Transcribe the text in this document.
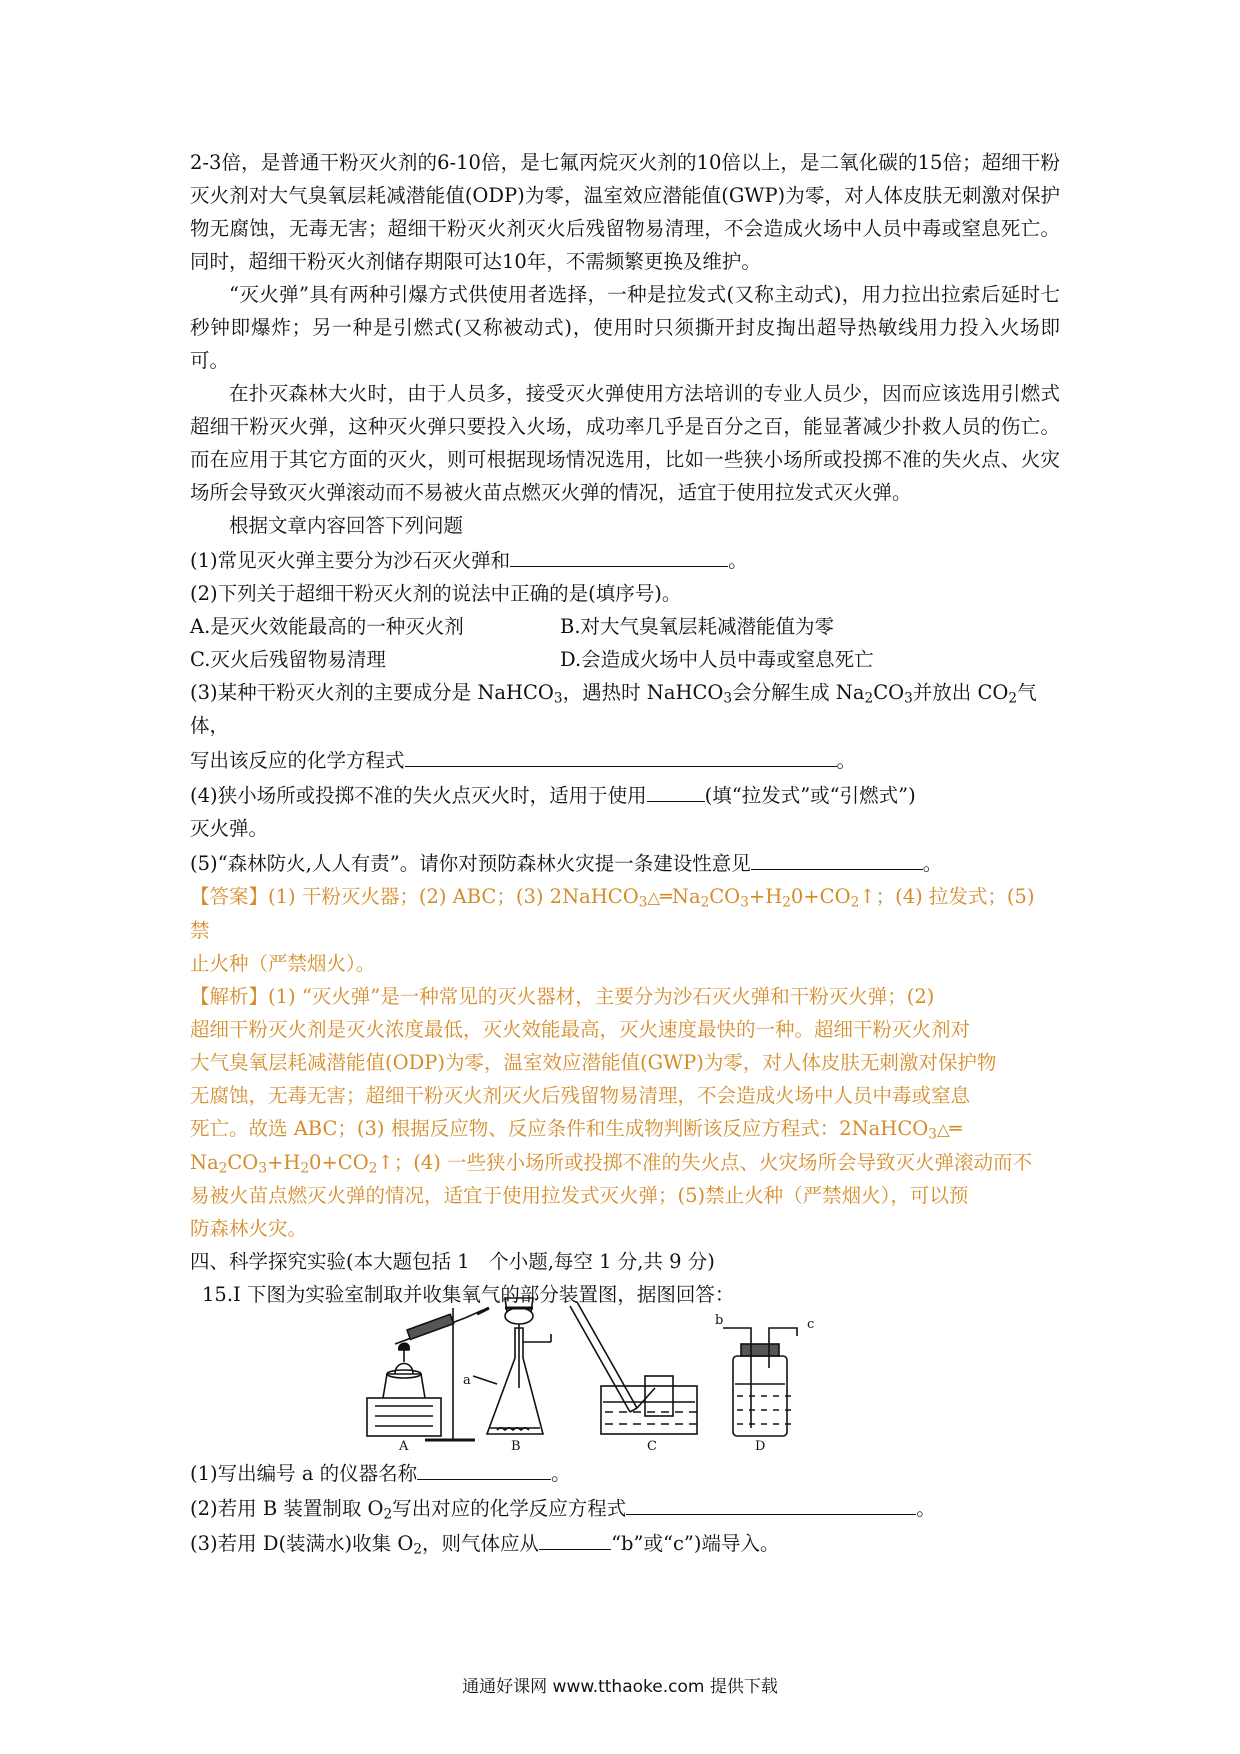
2-3倍，是普通干粉灭火剂的6-10倍，是七氟丙烷灭火剂的10倍以上，是二氧化碳的15倍；超细干粉灭火剂对大气臭氧层耗减潜能值(ODP)为零，温室效应潜能值(GWP)为零，对人体皮肤无刺激对保护物无腐蚀，无毒无害；超细干粉灭火剂灭火后残留物易清理，不会造成火场中人员中毒或窒息死亡。同时，超细干粉灭火剂储存期限可达10年，不需频繁更换及维护。

“灭火弹”具有两种引爆方式供使用者选择，一种是拉发式(又称主动式)，用力拉出拉索后延时七秒钟即爆炸；另一种是引燃式(又称被动式)，使用时只须撕开封皮掏出超导热敏线用力投入火场即可。

在扑灭森林大火时，由于人员多，接受灭火弹使用方法培训的专业人员少，因而应该选用引燃式超细干粉灭火弹，这种灭火弹只要投入火场，成功率几乎是百分之百，能显著减少扑救人员的伤亡。而在应用于其它方面的灭火，则可根据现场情况选用，比如一些狭小场所或投掷不准的失火点、火灾场所会导致灭火弹滚动而不易被火苗点燃灭火弹的情况，适宜于使用拉发式灭火弹。

根据文章内容回答下列问题

(1)常见灭火弹主要分为沙石灭火弹和	。

(2)下列关于超细干粉灭火剂的说法中正确的是(填序号)。

A.是灭火效能最高的一种灭火剂	B.对大气臭氧层耗减潜能值为零
C.灭火后残留物易清理	D.会造成火场中人员中毒或窒息死亡

(3)某种干粉灭火剂的主要成分是 NaHCO$_3$，遇热时 NaHCO$_3$会分解生成 $Na_2CO_3$并放出 $CO_2$气体，

写出该反应的化学方程式	。

(4)狭小场所或投掷不准的失火点灭火时，适用于使用	(填“拉发式”或“引燃式”)

灭火弹。

(5)“森林防火,人人有责”。请你对预防森林火灾提一条建设性意见	。

【答案】(1) 干粉灭火器；(2) ABC；(3) $2NaHCO_3\triangle═Na_2CO_3+H_20+CO_2↑$；(4) 拉发式；(5) 禁

止火种（严禁烟火）。

【解析】(1) “灭火弹”是一种常见的灭火器材，主要分为沙石灭火弹和干粉灭火弹；(2)

超细干粉灭火剂是灭火浓度最低，灭火效能最高，灭火速度最快的一种。超细干粉灭火剂对

大气臭氧层耗减潜能值(ODP)为零，温室效应潜能值(GWP)为零，对人体皮肤无刺激对保护物

无腐蚀，无毒无害；超细干粉灭火剂灭火后残留物易清理，不会造成火场中人员中毒或窒息

死亡。故选 ABC；(3) 根据反应物、反应条件和生成物判断该反应方程式：2NaHCO$_3$△═

$Na_2CO_3+H_20+CO_2↑$；(4) 一些狭小场所或投掷不准的失火点、火灾场所会导致灭火弹滚动而不

易被火苗点燃灭火弹的情况，适宜于使用拉发式灭火弹；(5)禁止火种（严禁烟火），可以预

防森林火灾。

四、科学探究实验(本大题包括 1　个小题,每空 1 分,共 9 分)

15.I 下图为实验室制取并收集氧气的部分装置图，据图回答：

a
b	c
A	B	C	D

(1)写出编号 a 的仪器名称	。

(2)若用 B 装置制取 $O_2$写出对应的化学反应方程式	。

(3)若用 D(装满水)收集 $O_2$，则气体应从	“b”或“c”)端导入。

通通好课网 www.tthaoke.com 提供下载
